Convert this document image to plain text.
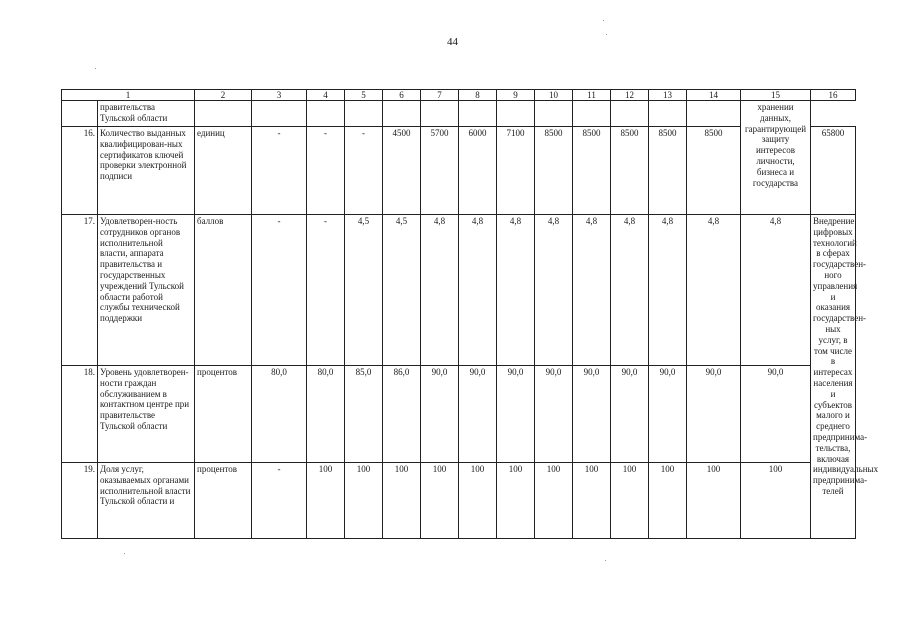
44
1		2	3	4	5	6	7	8	9	10	11	12	13	14	15	16
	правительства Тульской области														хранении данных, гарантирующей защиту интересов личности, бизнеса и государства	
16.	Количество выданных квалифицирован-ных сертификатов ключей проверки электронной подписи	единиц	-	-	-	4500	5700	6000	7100	8500	8500	8500	8500	8500		65800
17.	Удовлетворен-ность сотрудников органов исполнительной власти, аппарата правительства и государственных учреждений Тульской области работой службы технической поддержки	баллов	-	-	4,5	4,5	4,8	4,8	4,8	4,8	4,8	4,8	4,8	4,8	4,8	Внедрение цифровых технологий в сферах государствен-ного управления и оказания государствен-ных услуг, в том числе в интересах населения и субъектов малого и среднего предпринима-тельства, включая индивидуальных предпринима-телей
18.	Уровень удовлетворен-ности граждан обслуживанием в контактном центре при правительстве Тульской области	процентов	80,0	80,0	85,0	86,0	90,0	90,0	90,0	90,0	90,0	90,0	90,0	90,0	90,0	
19.	Доля услуг, оказываемых органами исполнительной власти Тульской области и	процентов	-	100	100	100	100	100	100	100	100	100	100	100	100	
